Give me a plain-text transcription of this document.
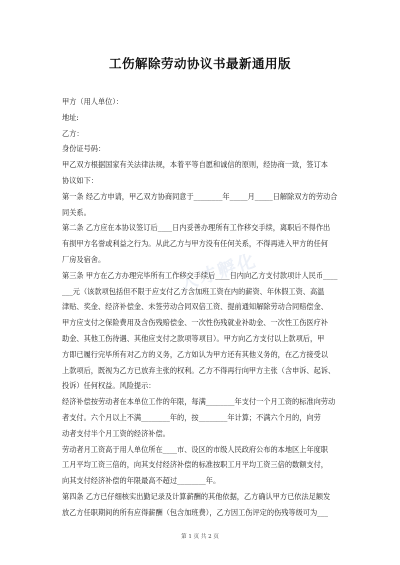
工伤解除劳动协议书最新通用版
人才孵化
甲方（用人单位）：
地址:
乙方：
身份证号码：
甲乙双方根据国家有关法律法规，本着平等自愿和诚信的原则，经协商一致，签订本
协议如下：
第一条 经乙方申请，甲乙双方协商同意于________年_____月_____日解除双方的劳动合
同关系。
第二条 乙方应在本协议签订后____日内妥善办理所有工作移交手续，离职后不得作出
有损甲方名誉或利益之行为。从此乙方与甲方没有任何关系，不得再进入甲方的任何
厂房及宿舍。
第三条 甲方在乙方办理完毕所有工作移交手续后____日内向乙方支付款项计人民币____
___元（该款项包括但不限于应支付乙方含加班工资在内的薪资、年休假工资、高温
津贴、奖金、经济补偿金、未签劳动合同双倍工资、提前通知解除劳动合同赔偿金、
甲方应支付之保险费用及含伤残赔偿金、一次性伤残就业补助金、一次性工伤医疗补
助金、其他工伤待遇、其他应支付之款项等项目）。甲方向乙方支付以上款项后，甲
方即已履行完毕所有对乙方的义务，乙方如认为甲方还有其他义务的，在乙方接受以
上款项后，既视为乙方已放弃主张的权利。乙方不得再行向甲方主张（含申诉、起诉、
投诉）任何权益。风险提示：
经济补偿按劳动者在本单位工作的年限，每满________年支付一个月工资的标准向劳动
者支付。六个月以上不满________年的，按________年计算；不满六个月的，向劳
动者支付半个月工资的经济补偿。
劳动者月工资高于用人单位所在____市、设区的市级人民政府公布的本地区上年度职
工月平均工资三倍的，向其支付经济补偿的标准按职工月平均工资三倍的数额支付，
向其支付经济补偿的年限最高不超过________年。
第四条 乙方已仔细核实出勤记录及计算薪酬的其他依据，乙方确认甲方已依法足额发
放乙方任职期间的所有应得薪酬（包含加班费），乙方因工伤评定的伤残等级可为___
第 1 页 共 2 页
